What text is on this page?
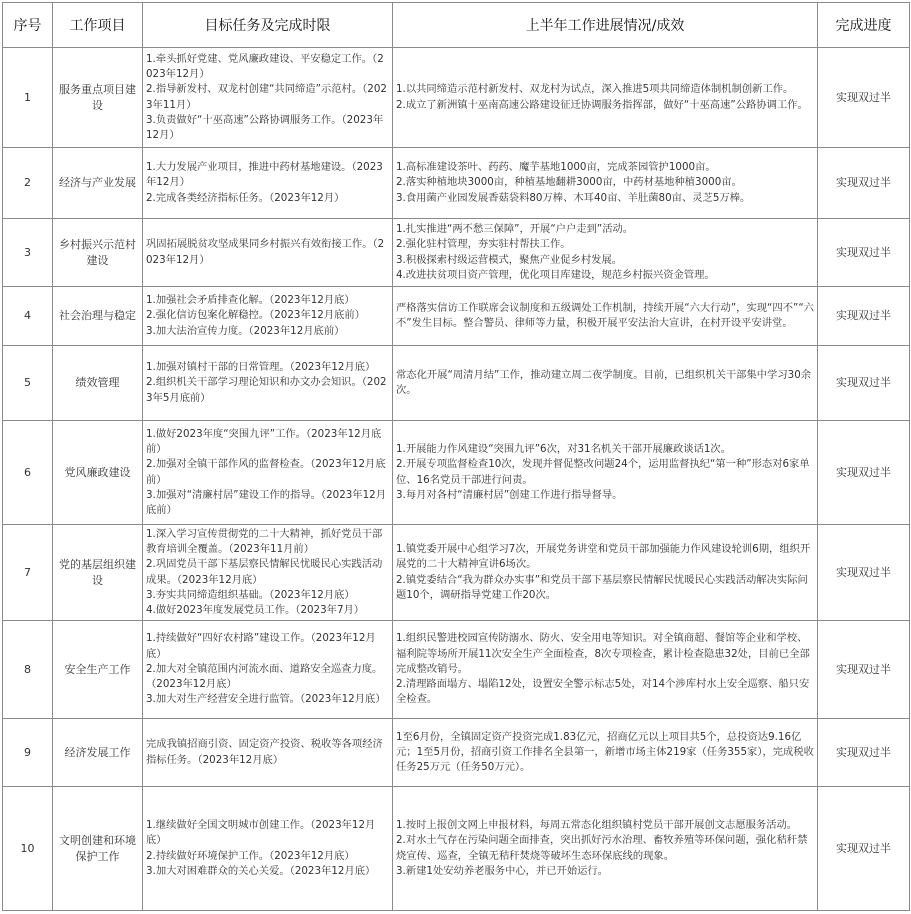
序号	工作项目	目标任务及完成时限	上半年工作进展情况/成效	完成进度
1	服务重点项目建设	1.牵头抓好党建、党风廉政建设、平安稳定工作。（2023年12月）
2.指导新发村、双龙村创建“共同缔造”示范村。（2023年11月）
3.负责做好“十巫高速”公路协调服务工作。（2023年12月）	1.以共同缔造示范村新发村、双龙村为试点，深入推进5项共同缔造体制机制创新工作。
2.成立了新洲镇十巫南高速公路建设征迁协调服务指挥部，做好“十巫高速”公路协调工作。	实现双过半
2	经济与产业发展	1.大力发展产业项目，推进中药材基地建设。（2023年12月）
2.完成各类经济指标任务。（2023年12月）	1.高标准建设茶叶、药药、魔芋基地1000亩，完成茶园管护1000亩。
2.落实种植地块3000亩，种植基地翻耕3000亩，中药材基地种植3000亩。
3.食用菌产业园发展香菇袋料80万棒、木耳40亩、羊肚菌80亩、灵芝5万棒。	实现双过半
3	乡村振兴示范村建设	巩固拓展脱贫攻坚成果同乡村振兴有效衔接工作。（2023年12月）	1.扎实推进“两不愁三保障”，开展“户户走到”活动。
2.强化驻村管理，夯实驻村帮扶工作。
3.积极探索村级运营模式，聚焦产业促乡村发展。
4.改进扶贫项目资产管理，优化项目库建设，规范乡村振兴资金管理。	实现双过半
4	社会治理与稳定	1.加强社会矛盾排查化解。（2023年12月底）
2.强化信访包案化解稳控。（2023年12月底前）
3.加大法治宣传力度。（2023年12月底前）	严格落实信访工作联席会议制度和五级调处工作机制，持续开展“六大行动”，实现“四不”“六不”发生目标。整合警员、律师等力量，积极开展平安法治大宣讲，在村开设平安讲堂。	实现双过半
5	绩效管理	1.加强对镇村干部的日常管理。（2023年12月底）
2.组织机关干部学习理论知识和办文办会知识。（2023年5月底前）	常态化开展“周清月结”工作，推动建立周二夜学制度。目前，已组织机关干部集中学习30余次。	实现双过半
6	党风廉政建设	1.做好2023年度“突围九评”工作。（2023年12月底前）
2.加强对全镇干部作风的监督检查。（2023年12月底前）
3.加强对“清廉村居”建设工作的指导。（2023年12月底前）	1.开展能力作风建设“突围九评”6次，对31名机关干部开展廉政谈话1次。
2.开展专项监督检查10次，发现并督促整改问题24个，运用监督执纪“第一种”形态对6家单位、16名党员干部进行问责。
3.每月对各村“清廉村居”创建工作进行指导督导。	实现双过半
7	党的基层组织建设	1.深入学习宣传贯彻党的二十大精神，抓好党员干部教育培训全覆盖。（2023年11月前）
2.巩固党员干部下基层察民情解民忧暖民心实践活动成果。（2023年12月底）
3.夯实共同缔造组织基础。（2023年12月底）
4.做好2023年度发展党员工作。（2023年7月）	1.镇党委开展中心组学习7次，开展党务讲堂和党员干部加强能力作风建设轮训6期，组织开展党的二十大精神宣讲6场次。
2.镇党委结合“我为群众办实事”和党员干部下基层察民情解民忧暖民心实践活动解决实际问题10个，调研指导党建工作20次。	实现双过半
8	安全生产工作	1.持续做好“四好农村路”建设工作。（2023年12月底）
2.加大对全镇范围内河流水面、道路安全巡查力度。（2023年12月底）
3.加大对生产经营安全进行监管。（2023年12月底）	1.组织民警进校园宣传防溺水、防火、安全用电等知识。对全镇商超、餐馆等企业和学校、福利院等场所开展11次安全生产全面检查，8次专项检查，累计检查隐患32处，目前已全部完成整改销号。
2.清理路面塌方、塌陷12处，设置安全警示标志5处，对14个涉库村水上安全巡察、船只安全检查。	实现双过半
9	经济发展工作	完成我镇招商引资、固定资产投资、税收等各项经济指标任务。（2023年12月底）	1至6月份，全镇固定资产投资完成1.83亿元，招商亿元以上项目共5个，总投资达9.16亿元；1至5月份，招商引资工作排名全县第一，新增市场主体219家（任务355家），完成税收任务25万元（任务50万元）。	实现双过半
10	文明创建和环境保护工作	1.继续做好全国文明城市创建工作。（2023年12月底）
2.持续做好环境保护工作。（2023年12月底）
3.加大对困难群众的关心关爱。（2023年12月底）	1.按时上报创文网上申报材料，每周五常态化组织镇村党员干部开展创文志愿服务活动。
2.对水土气存在污染问题全面排查，突出抓好污水治理、畜牧养殖等环保问题，强化秸秆禁烧宣传、巡查，全镇无秸秆焚烧等破坏生态环保底线的现象。
3.新建1处安幼养老服务中心，并已开始运行。	实现双过半
